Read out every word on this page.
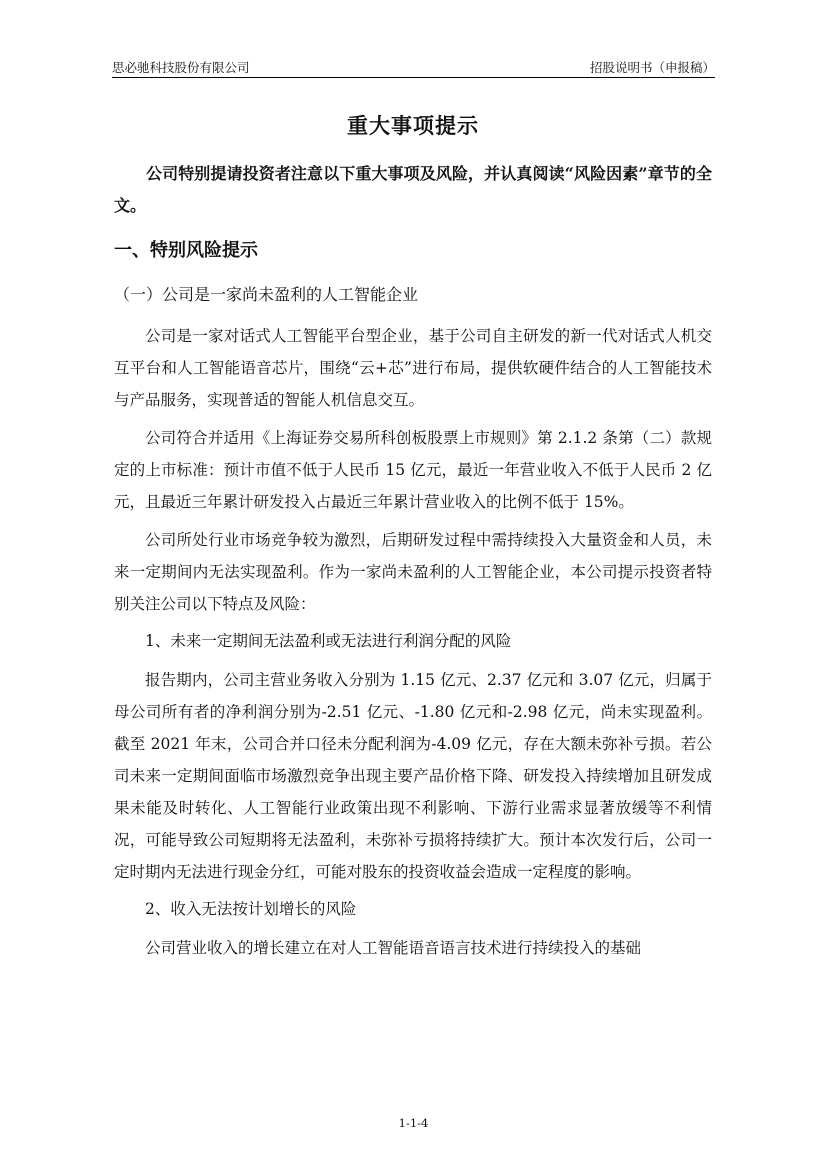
思必驰科技股份有限公司	招股说明书（申报稿）
重大事项提示

公司特别提请投资者注意以下重大事项及风险，并认真阅读“风险因素”章节的全文。

一、特别风险提示
（一）公司是一家尚未盈利的人工智能企业

公司是一家对话式人工智能平台型企业，基于公司自主研发的新一代对话式人机交互平台和人工智能语音芯片，围绕“云+芯”进行布局，提供软硬件结合的人工智能技术与产品服务，实现普适的智能人机信息交互。

公司符合并适用《上海证券交易所科创板股票上市规则》第 2.1.2 条第（二）款规定的上市标准：预计市值不低于人民币 15 亿元，最近一年营业收入不低于人民币 2 亿元，且最近三年累计研发投入占最近三年累计营业收入的比例不低于 15%。

公司所处行业市场竞争较为激烈，后期研发过程中需持续投入大量资金和人员，未来一定期间内无法实现盈利。作为一家尚未盈利的人工智能企业，本公司提示投资者特别关注公司以下特点及风险：

1、未来一定期间无法盈利或无法进行利润分配的风险

报告期内，公司主营业务收入分别为 1.15 亿元、2.37 亿元和 3.07 亿元，归属于母公司所有者的净利润分别为-2.51 亿元、-1.80 亿元和-2.98 亿元，尚未实现盈利。截至 2021 年末，公司合并口径未分配利润为-4.09 亿元，存在大额未弥补亏损。若公司未来一定期间面临市场激烈竞争出现主要产品价格下降、研发投入持续增加且研发成果未能及时转化、人工智能行业政策出现不利影响、下游行业需求显著放缓等不利情况，可能导致公司短期将无法盈利，未弥补亏损将持续扩大。预计本次发行后，公司一定时期内无法进行现金分红，可能对股东的投资收益会造成一定程度的影响。

2、收入无法按计划增长的风险

公司营业收入的增长建立在对人工智能语音语言技术进行持续投入的基础

1-1-4
